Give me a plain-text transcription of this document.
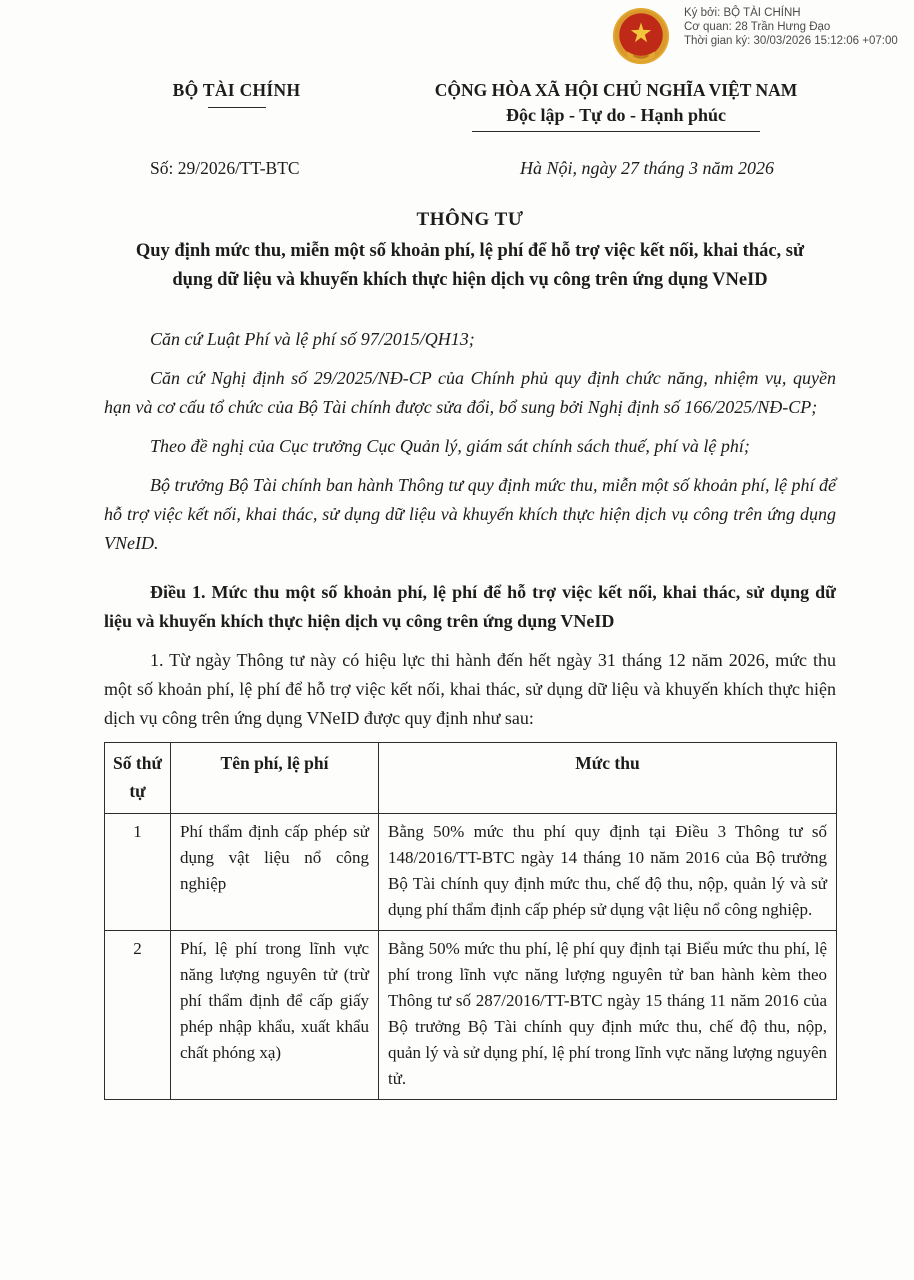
Ký bởi: BỘ TÀI CHÍNH
Cơ quan: 28 Trần Hưng Đạo
Thời gian ký: 30/03/2026 15:12:06 +07:00
BỘ TÀI CHÍNH	CỘNG HÒA XÃ HỘI CHỦ NGHĨA VIỆT NAM
Độc lập - Tự do - Hạnh phúc
Số: 29/2026/TT-BTC	Hà Nội, ngày 27 tháng 3 năm 2026
THÔNG TƯ
Quy định mức thu, miễn một số khoản phí, lệ phí để hỗ trợ việc kết nối, khai thác, sử dụng dữ liệu và khuyến khích thực hiện dịch vụ công trên ứng dụng VNeID

Căn cứ Luật Phí và lệ phí số 97/2015/QH13;

Căn cứ Nghị định số 29/2025/NĐ-CP của Chính phủ quy định chức năng, nhiệm vụ, quyền hạn và cơ cấu tổ chức của Bộ Tài chính được sửa đổi, bổ sung bởi Nghị định số 166/2025/NĐ-CP;

Theo đề nghị của Cục trưởng Cục Quản lý, giám sát chính sách thuế, phí và lệ phí;

Bộ trưởng Bộ Tài chính ban hành Thông tư quy định mức thu, miễn một số khoản phí, lệ phí để hỗ trợ việc kết nối, khai thác, sử dụng dữ liệu và khuyến khích thực hiện dịch vụ công trên ứng dụng VNeID.

Điều 1. Mức thu một số khoản phí, lệ phí để hỗ trợ việc kết nối, khai thác, sử dụng dữ liệu và khuyến khích thực hiện dịch vụ công trên ứng dụng VNeID

1. Từ ngày Thông tư này có hiệu lực thi hành đến hết ngày 31 tháng 12 năm 2026, mức thu một số khoản phí, lệ phí để hỗ trợ việc kết nối, khai thác, sử dụng dữ liệu và khuyến khích thực hiện dịch vụ công trên ứng dụng VNeID được quy định như sau:

Số thứ tự	Tên phí, lệ phí	Mức thu
1	Phí thẩm định cấp phép sử dụng vật liệu nổ công nghiệp	Bằng 50% mức thu phí quy định tại Điều 3 Thông tư số 148/2016/TT-BTC ngày 14 tháng 10 năm 2016 của Bộ trưởng Bộ Tài chính quy định mức thu, chế độ thu, nộp, quản lý và sử dụng phí thẩm định cấp phép sử dụng vật liệu nổ công nghiệp.
2	Phí, lệ phí trong lĩnh vực năng lượng nguyên tử (trừ phí thẩm định để cấp giấy phép nhập khẩu, xuất khẩu chất phóng xạ)	Bằng 50% mức thu phí, lệ phí quy định tại Biểu mức thu phí, lệ phí trong lĩnh vực năng lượng nguyên tử ban hành kèm theo Thông tư số 287/2016/TT-BTC ngày 15 tháng 11 năm 2016 của Bộ trưởng Bộ Tài chính quy định mức thu, chế độ thu, nộp, quản lý và sử dụng phí, lệ phí trong lĩnh vực năng lượng nguyên tử.
